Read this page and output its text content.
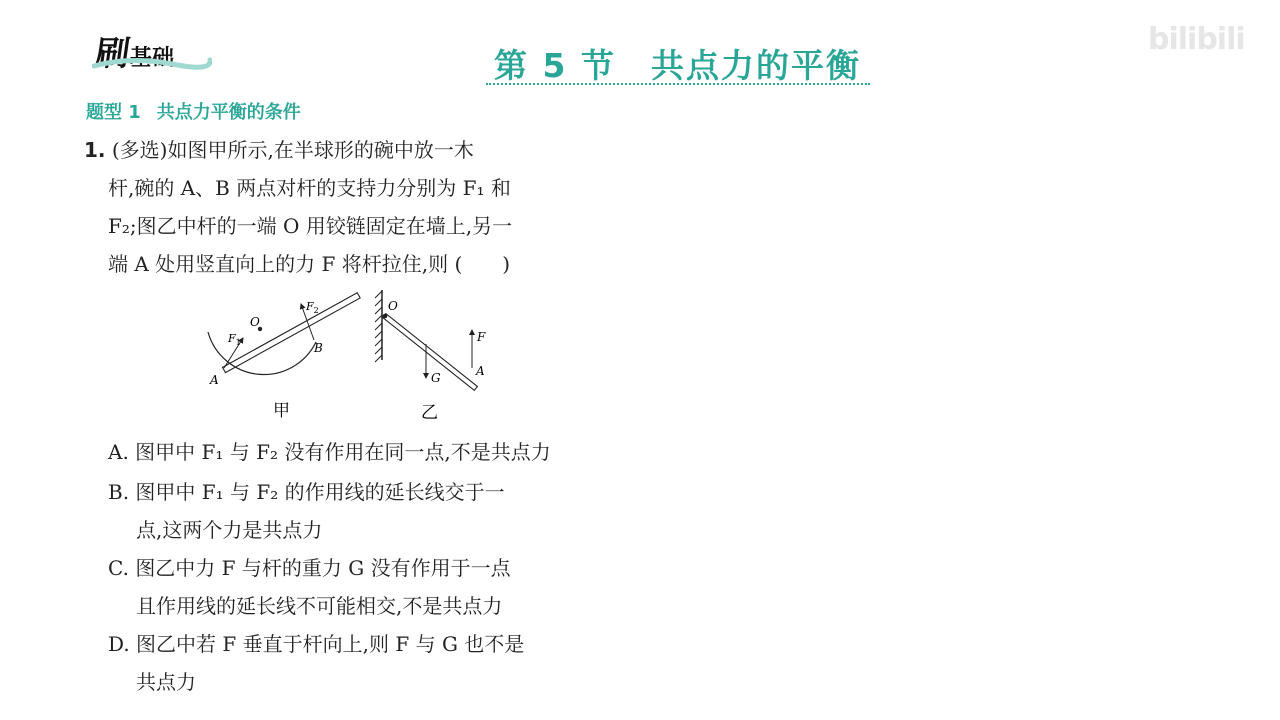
刷 基础	第 5 节　共点力的平衡
bilibili
题型 1 共点力平衡的条件
1. (多选)如图甲所示,在半球形的碗中放一木
杆,碗的 A、B 两点对杆的支持力分别为 F₁ 和
F₂;图乙中杆的一端 O 用铰链固定在墙上,另一
端 A 处用竖直向上的力 F 将杆拉住,则 (　　)
O
A
B
$F_1$
$F_2$
甲
O
A
F
G
乙
A. 图甲中 F₁ 与 F₂ 没有作用在同一点,不是共点力
B. 图甲中 F₁ 与 F₂ 的作用线的延长线交于一
点,这两个力是共点力
C. 图乙中力 F 与杆的重力 G 没有作用于一点
且作用线的延长线不可能相交,不是共点力
D. 图乙中若 F 垂直于杆向上,则 F 与 G 也不是
共点力
